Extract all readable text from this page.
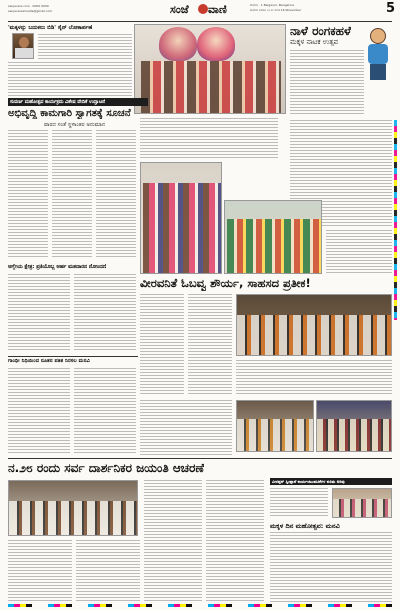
sanjevani.com · 0000 0000
sanjevaniemedia@gmail.com	ಸಂಜೆ ವಾಣಿ	ಶನಿವಾರ · 1 Belgaum, Bangalore
ಶನಿವಾರ ಜನವರಿ ೨೦೨೪ ಸಂಜೆ 16 November	5
'ಮಕ್ಕಳನ್ನು ಬದುಕಲು ಬಿಡಿ' ಸೈನ್ ಲೋಕಾರ್ಪಣೆ	ನಾಳೆ ರಂಗಕಹಳೆ
ಮಕ್ಕಳ ನಾಟಕ ಉತ್ಸವ
ಸುವರ್ಣ ಮಹೋತ್ಸವ ಕಾರ್ಯಕ್ರಮ ವಿಶೇಷ ವೇದಿಕೆ ಉದ್ಘಾಟನೆ
ಅಭಿವೃದ್ಧಿ ಕಾಮಗಾರಿ ಸ್ವಾಗತಕ್ಕೆ ಸೂಚನೆ
ವಾರದ ಸಂತೆ ಸ್ಥಳಾಂತರ ಅನುಮಾನ
ಆಗ್ನೇಯ ಕ್ಷೇತ್ರ: ಪ್ರತಿಯೊಬ್ಬ ಅರ್ಹ ಮತದಾರನ ನೋಂದಣಿ
ವೀರವನಿತೆ ಓಬವ್ವ ಶೌರ್ಯ, ಸಾಹಸದ ಪ್ರತೀಕ!
ಗಾಂಧೀ ನಿಧಿಯಿಂದ ನೂತನ ಪತಿತ ನಿರಸಲ ಮನವಿ
ನ.೨೮ ರಂದು ಸರ್ವ ದಾರ್ಶನಿಕರ ಜಯಂತಿ ಆಚರಣೆ
ವೀರಪ್ಪನ್ ಸ್ವೀಪ್ಪಾನೆ ಕಾರ್ಯಚಟುವಟಿಕೆಗಳ ಕುರಿತು ಅರಿವು
ಮಕ್ಕಳ ದಿನ ಮಹೋತ್ಸವ: ಮನವಿ
